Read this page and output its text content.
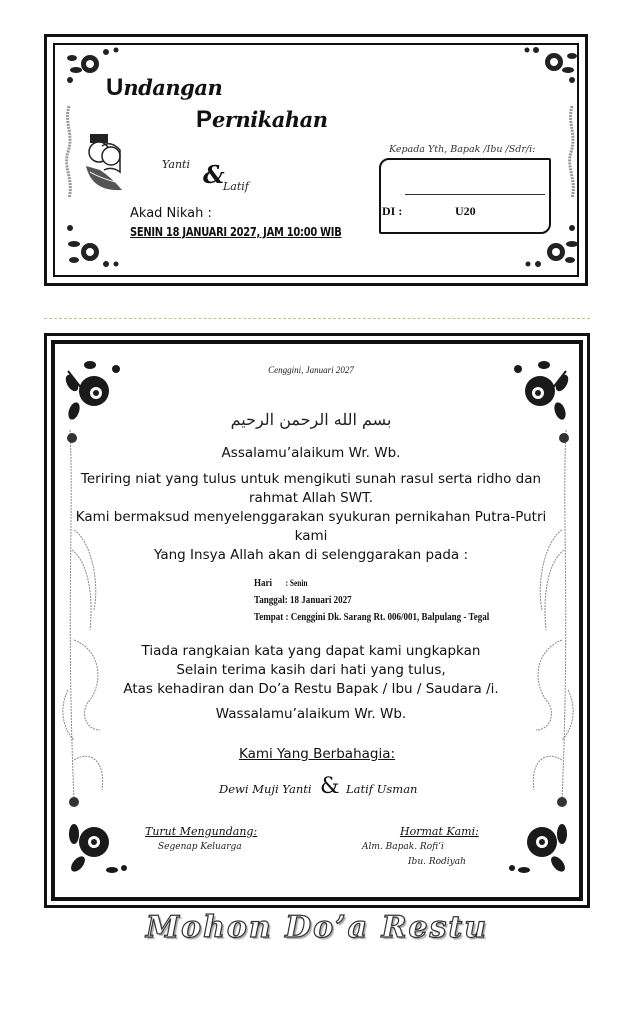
Undangan
Pernikahan
Yanti &
Latif
Akad Nikah :
SENIN 18 JANUARI 2027, JAM 10:00 WIB
Kepada Yth, Bapak /Ibu /Sdr/i:
DI :	U20
Cenggini, Januari 2027
بسم الله الرحمن الرحيم
Assalamu’alaikum Wr. Wb.
Teriring niat yang tulus untuk mengikuti sunah rasul serta ridho dan
rahmat Allah SWT.
Kami bermaksud menyelenggarakan syukuran pernikahan Putra-Putri
kami
Yang Insya Allah akan di selenggarakan pada :
Hari : Senin
Tanggal: 18 Januari 2027
Tempat : Cenggini Dk. Sarang Rt. 006/001, Balpulang - Tegal
Tiada rangkaian kata yang dapat kami ungkapkan
Selain terima kasih dari hati yang tulus,
Atas kehadiran dan Do’a Restu Bapak / Ibu / Saudara /i.
Wassalamu’alaikum Wr. Wb.
Kami Yang Berbahagia:
Dewi Muji Yanti & Latif Usman
Turut Mengundang:
Segenap Keluarga
Hormat Kami:
Alm. Bapak. Rofi’i
Ibu. Rodiyah
Mohon Do’a Restu
